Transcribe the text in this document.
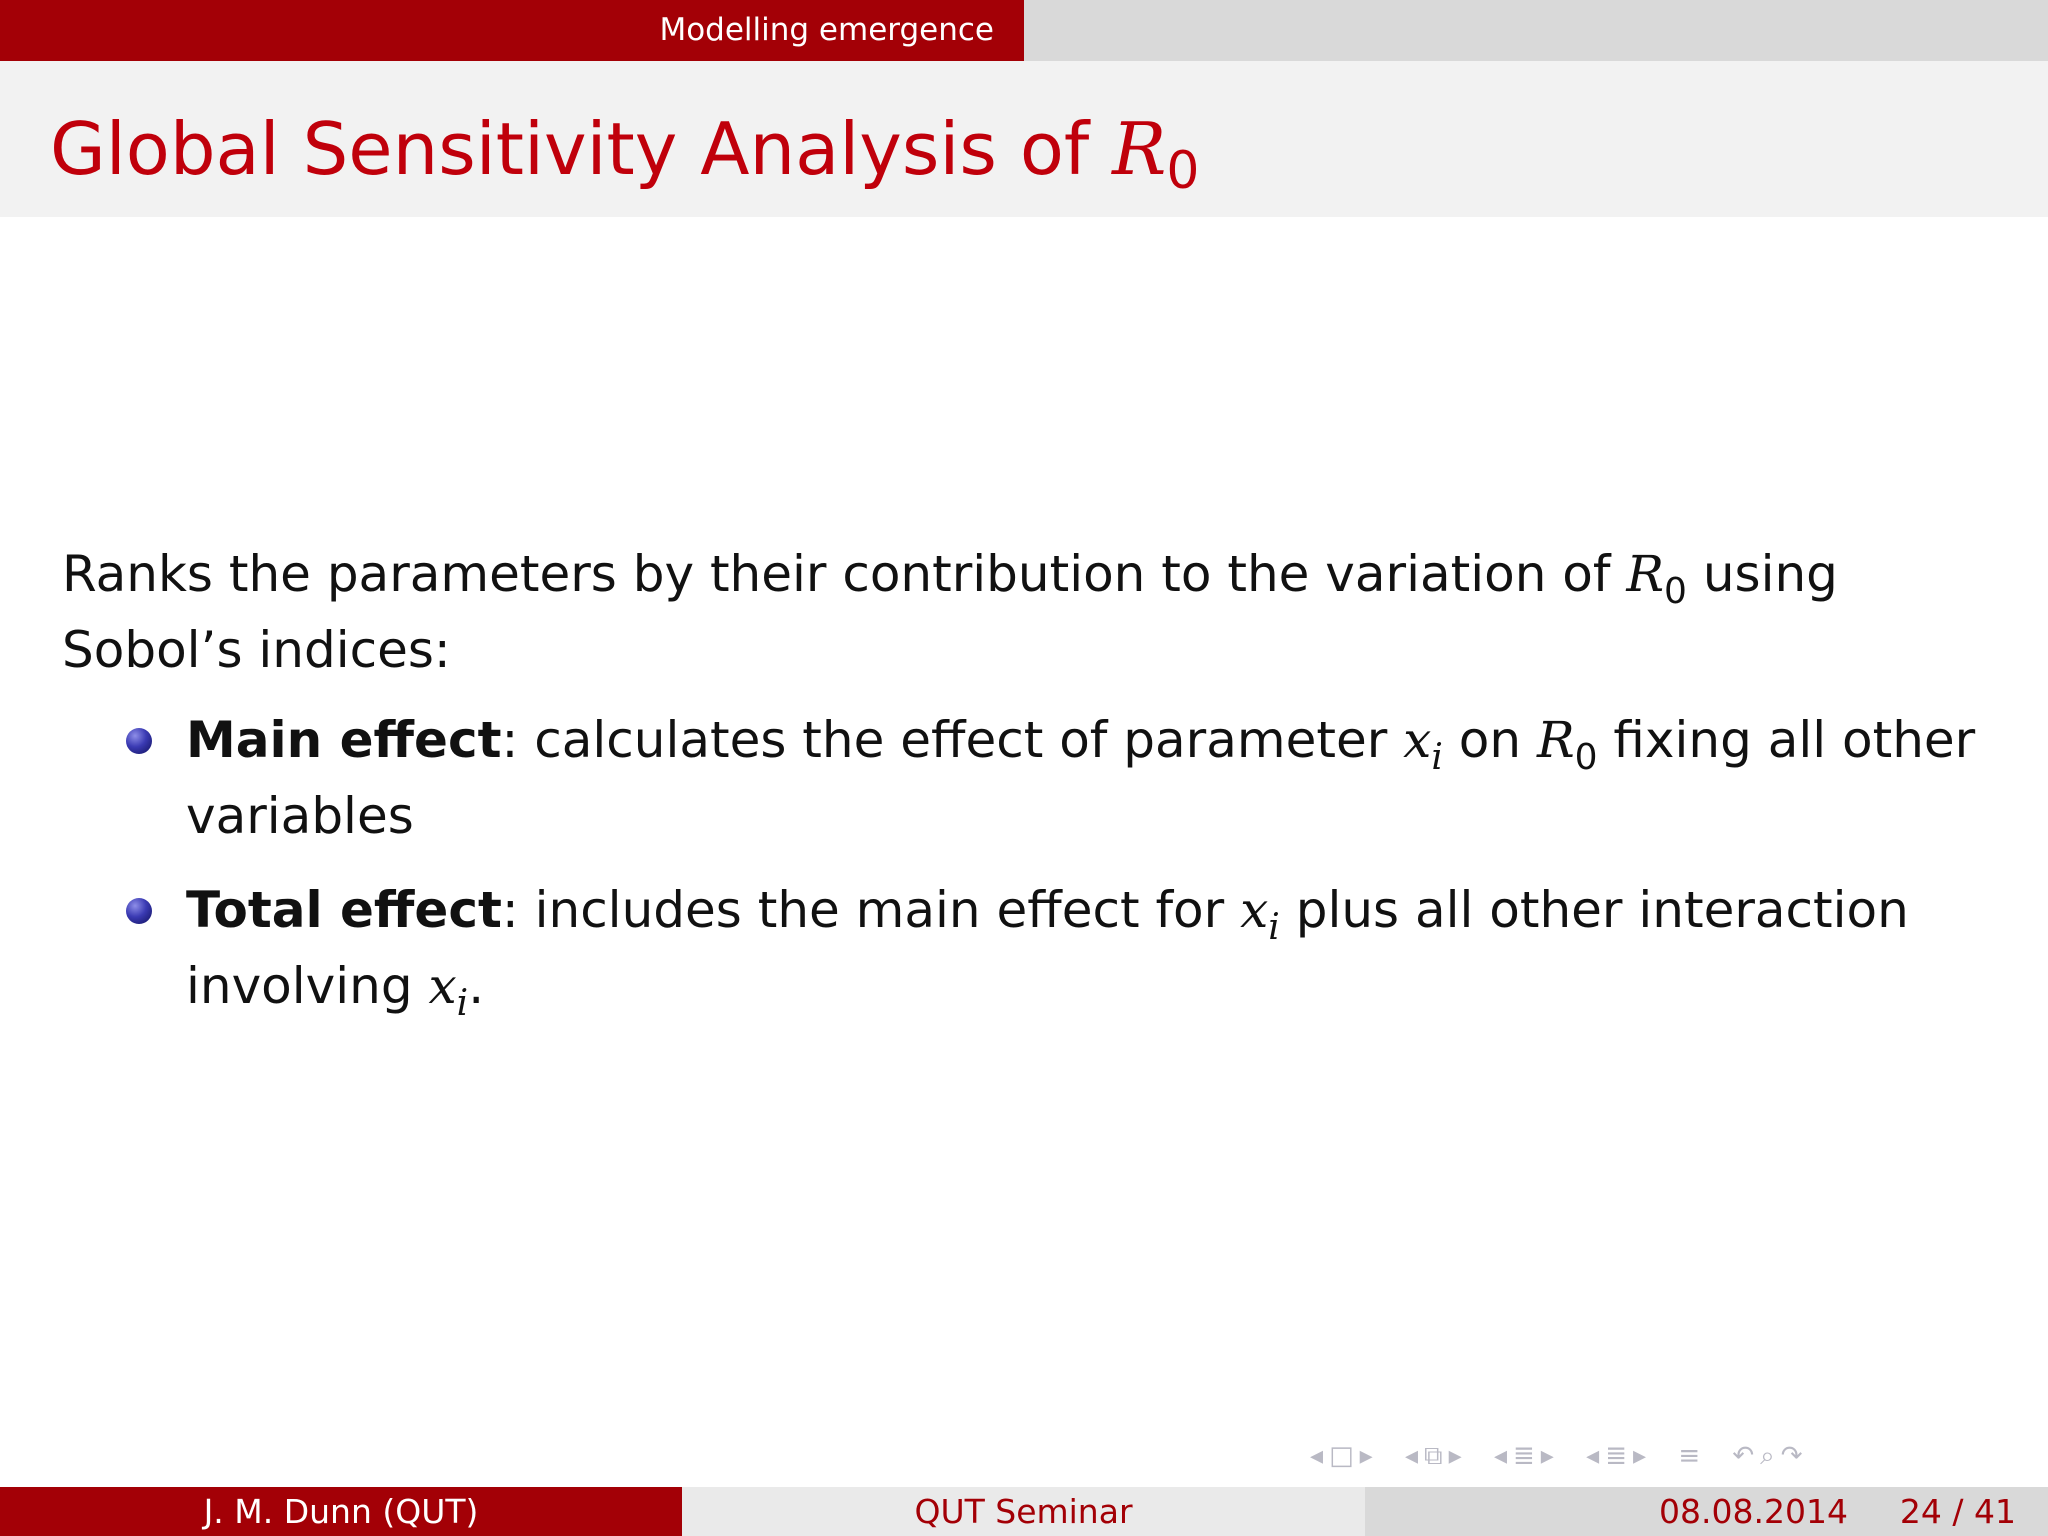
Modelling emergence
Global Sensitivity Analysis of $R_0$

Ranks the parameters by their contribution to the variation of $R_0$ using Sobol’s indices:

Main effect: calculates the effect of parameter $x_i$ on $R_0$ fixing all other variables
Total effect: includes the main effect for $x_i$ plus all other interaction involving $x_i$.
◂ □ ▸ ◂ ⧉ ▸ ◂ ≣ ▸ ◂ ≣ ▸ ≡ ↶ ⌕ ↷
J. M. Dunn (QUT)	QUT Seminar	08.08.2014 24 / 41
